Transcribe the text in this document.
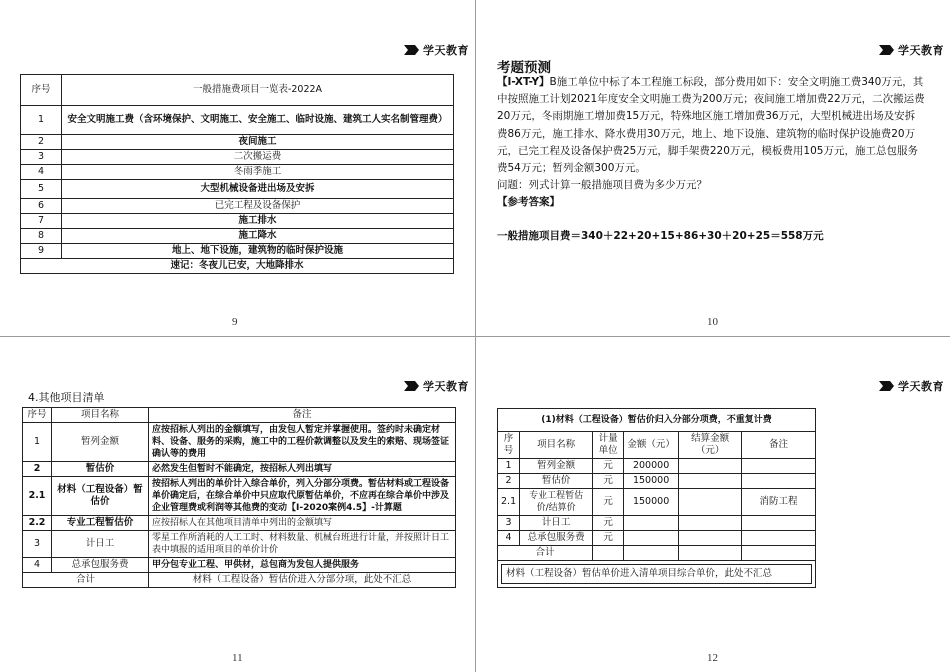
学天教育
序号	一般措施费项目一览表-2022A
1	安全文明施工费（含环境保护、文明施工、安全施工、临时设施、建筑工人实名制管理费）
2	夜间施工
3	二次搬运费
4	冬雨季施工
5	大型机械设备进出场及安拆
6	已完工程及设备保护
7	施工排水
8	施工降水
9	地上、地下设施，建筑物的临时保护设施
速记：冬夜儿已安，大地降排水	
9
学天教育
考题预测
【Ⅰ-XT-Y】B施工单位中标了本工程施工标段，部分费用如下：安全文明施工费340万元，其中按照施工计划2021年度安全文明施工费为200万元；夜间施工增加费22万元，二次搬运费20万元，冬雨期施工增加费15万元，特殊地区施工增加费36万元，大型机械进出场及安拆费86万元，施工排水、降水费用30万元，地上、地下设施、建筑物的临时保护设施费20万元，已完工程及设备保护费25万元，脚手架费220万元，模板费用105万元，施工总包服务费54万元；暂列金额300万元。
问题：列式计算一般措施项目费为多少万元？
【参考答案】
一般措施项目费＝340＋22+20+15+86+30＋20+25＝558万元
10
学天教育
4.其他项目清单
序号	项目名称	备注
1	暂列金额	应按招标人列出的金额填写，由发包人暂定并掌握使用。签约时未确定材料、设备、服务的采购，施工中的工程价款调整以及发生的索赔、现场签证确认等的费用
2	暂估价	必然发生但暂时不能确定，按招标人列出填写
2.1	材料（工程设备）暂估价	按招标人列出的单价计入综合单价，列入分部分项费。暂估材料或工程设备单价确定后，在综合单价中只应取代原暂估单价，不应再在综合单价中涉及企业管理费或利润等其他费的变动【Ⅰ-2020案例4.5】-计算题
2.2	专业工程暂估价	应按招标人在其他项目清单中列出的金额填写
3	计日工	零星工作所消耗的人工工时、材料数量、机械台班进行计量，并按照计日工表中填报的适用项目的单价计价
4	总承包服务费	甲分包专业工程、甲供材，总包商为发包人提供服务
合计		材料（工程设备）暂估价进入分部分项，此处不汇总
11
学天教育
(1)材料（工程设备）暂估价归入分部分项费，不重复计费					
序号	项目名称	计量单位	金额（元）	结算金额（元）	备注
1	暂列金额	元	200000		
2	暂估价	元	150000		
2.1	专业工程暂估价/结算价	元	150000		消防工程
3	计日工	元			
4	总承包服务费	元			
合计					

材料（工程设备）暂估单价进入清单项目综合单价，此处不汇总					
12
